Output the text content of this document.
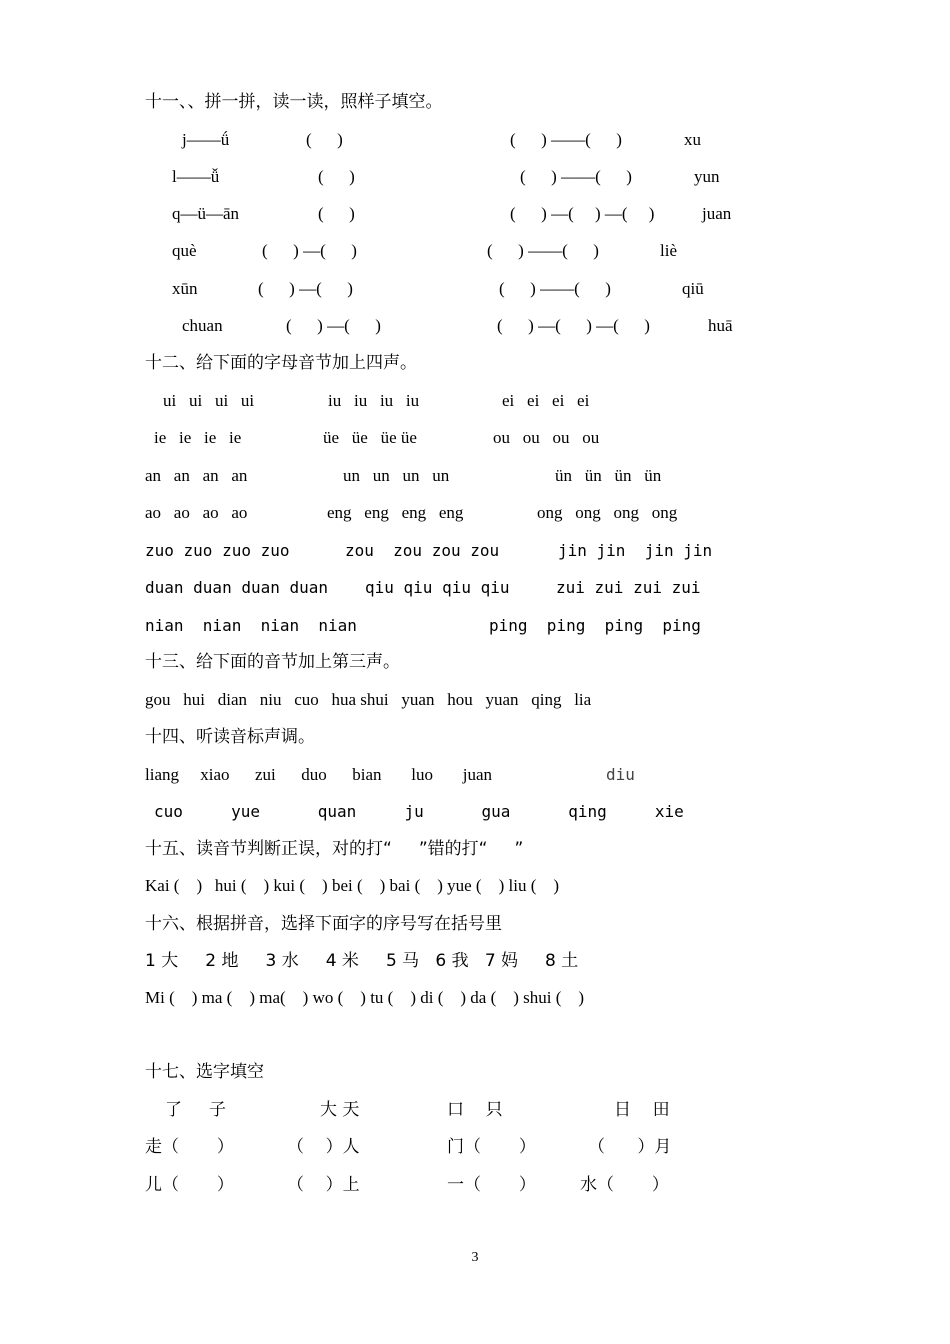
十一、、拼一拼，读一读，照样子填空。
j——ǘ	(      )	(      ) ——(      )	xu
l——ǚ	(      )	(      ) ——(      )	yun
q—ü—ān	(      )	(      ) —(     ) —(     )	juan
què	(      ) —(      )	(      ) ——(      )	liè
xūn	(      ) —(      )	(      ) ——(      )	qiū
chuan	(      ) —(      )	(      ) —(      ) —(      )	huā
十二、给下面的字母音节加上四声。
ui   ui   ui   ui	iu   iu   iu   iu	ei   ei   ei   ei
ie   ie   ie   ie	üe   üe   üe üe	ou   ou   ou   ou
an   an   an   an	un   un   un   un	ün   ün   ün   ün
ao   ao   ao   ao	eng   eng   eng   eng	ong   ong   ong   ong
zuo zuo zuo zuo	zou  zou zou zou	jin jin  jin jin
duan duan duan duan qiu qiu qiu qiu	zui zui zui zui
nian  nian  nian  nian	ping  ping  ping  ping
十三、给下面的音节加上第三声。
gou   hui   dian   niu   cuo   hua shui   yuan   hou   yuan   qing   lia
十四、听读音标声调。
liang     xiao      zui      duo      bian       luo       juan	diu
cuo     yue      quan     ju      gua      qing     xie
十五、读音节判断正误，对的打“     ”错的打“     ”
Kai (    )   hui (    ) kui (    ) bei (    ) bai (    ) yue (    ) liu (    )
十六、根据拼音，选择下面字的序号写在括号里
1 大     2 地     3 水     4 米     5 马   6 我   7 妈     8 土
Mi (    ) ma (    ) ma(    ) wo (    ) tu (    ) di (    ) da (    ) shui (    )
十七、选字填空
了     子	大 天	口    只	日    田
走（       ）	（    ）人	门（       ）	（      ）月
儿（       ）	（    ）上	一（       ）	水（       ）
3
